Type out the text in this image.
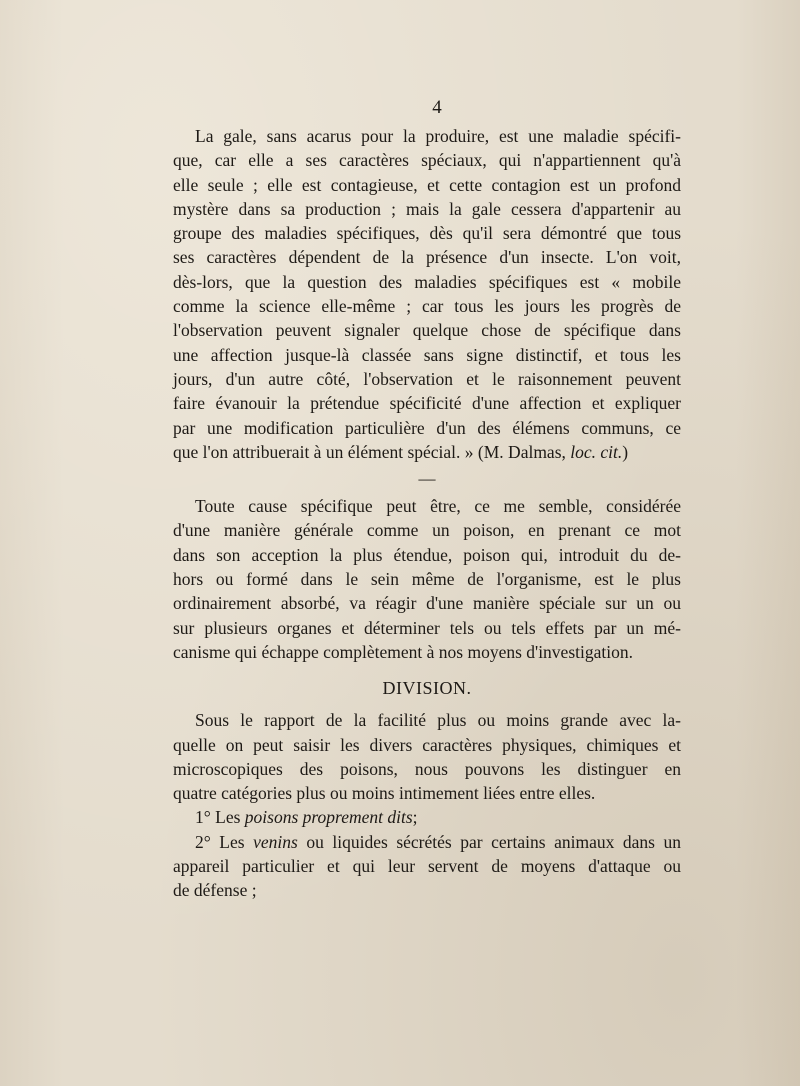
4
La gale, sans acarus pour la produire, est une maladie spécifi-
que, car elle a ses caractères spéciaux, qui n'appartiennent qu'à
elle seule ; elle est contagieuse, et cette contagion est un profond
mystère dans sa production ; mais la gale cessera d'appartenir au
groupe des maladies spécifiques, dès qu'il sera démontré que tous
ses caractères dépendent de la présence d'un insecte. L'on voit,
dès-lors, que la question des maladies spécifiques est « mobile
comme la science elle-même ; car tous les jours les progrès de
l'observation peuvent signaler quelque chose de spécifique dans
une affection jusque-là classée sans signe distinctif, et tous les
jours, d'un autre côté, l'observation et le raisonnement peuvent
faire évanouir la prétendue spécificité d'une affection et expliquer
par une modification particulière d'un des élémens communs, ce
que l'on attribuerait à un élément spécial. » (M. Dalmas, loc. cit.)
—
Toute cause spécifique peut être, ce me semble, considérée
d'une manière générale comme un poison, en prenant ce mot
dans son acception la plus étendue, poison qui, introduit du de-
hors ou formé dans le sein même de l'organisme, est le plus
ordinairement absorbé, va réagir d'une manière spéciale sur un ou
sur plusieurs organes et déterminer tels ou tels effets par un mé-
canisme qui échappe complètement à nos moyens d'investigation.
DIVISION.
Sous le rapport de la facilité plus ou moins grande avec la-
quelle on peut saisir les divers caractères physiques, chimiques et
microscopiques des poisons, nous pouvons les distinguer en
quatre catégories plus ou moins intimement liées entre elles.
1° Les poisons proprement dits;
2° Les venins ou liquides sécrétés par certains animaux dans un
appareil particulier et qui leur servent de moyens d'attaque ou
de défense ;
